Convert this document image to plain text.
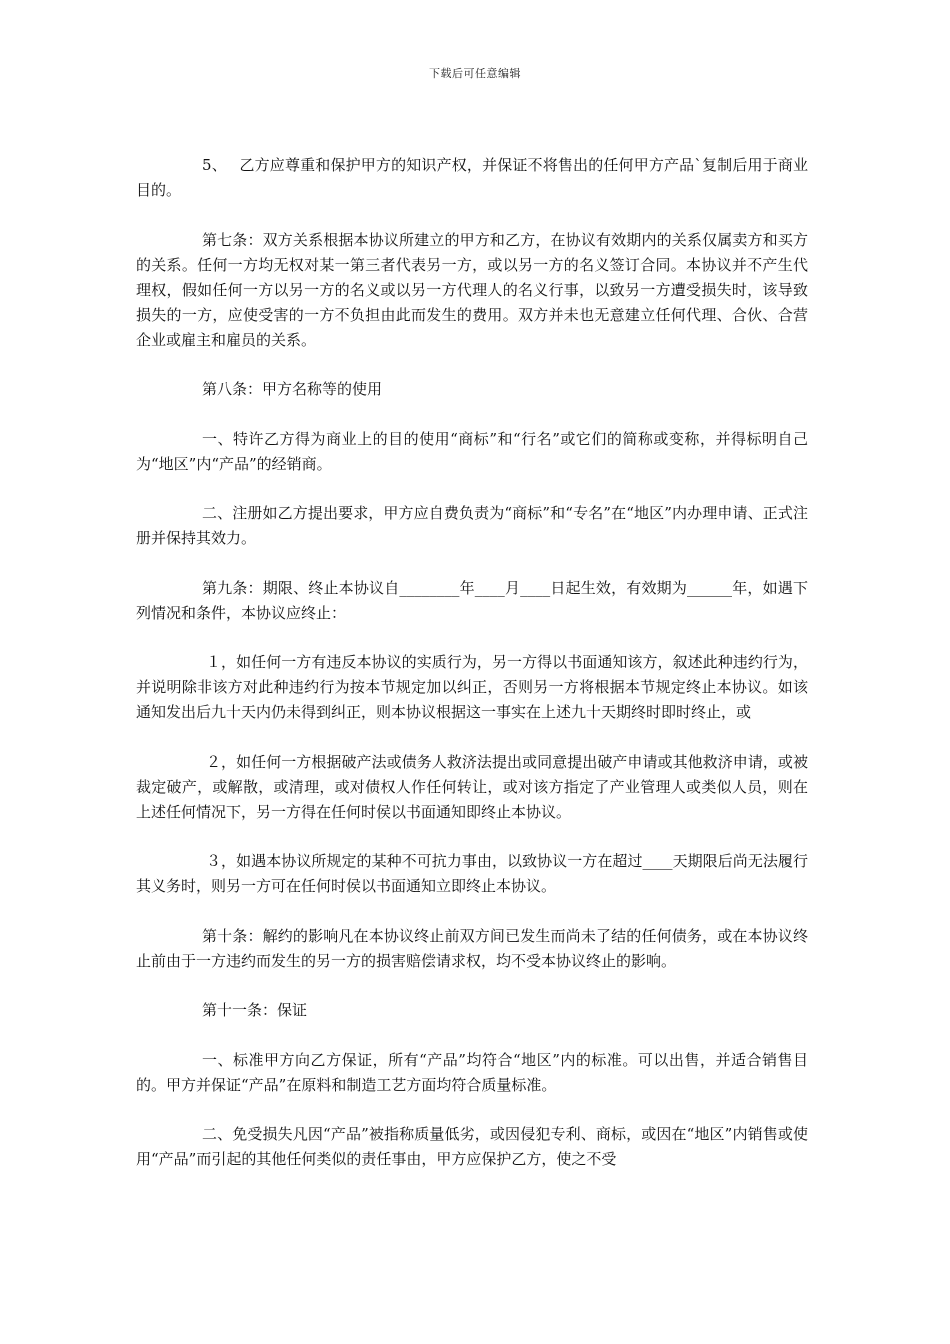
下载后可任意编辑

5、　 乙方应尊重和保护甲方的知识产权，并保证不将售出的任何甲方产品`复制后用于商业目的。

第七条：双方关系根据本协议所建立的甲方和乙方，在协议有效期内的关系仅属卖方和买方的关系。任何一方均无权对某一第三者代表另一方，或以另一方的名义签订合同。本协议并不产生代理权，假如任何一方以另一方的名义或以另一方代理人的名义行事，以致另一方遭受损失时，该导致损失的一方，应使受害的一方不负担由此而发生的费用。双方并未也无意建立任何代理、合伙、合营企业或雇主和雇员的关系。

第八条：甲方名称等的使用

一、特许乙方得为商业上的目的使用“商标”和“行名”或它们的简称或变称，并得标明自己为“地区”内“产品”的经销商。

二、注册如乙方提出要求，甲方应自费负责为“商标”和“专名”在“地区”内办理申请、正式注册并保持其效力。

第九条：期限、终止本协议自________年____月____日起生效，有效期为______年，如遇下列情况和条件，本协议应终止：

１，如任何一方有违反本协议的实质行为，另一方得以书面通知该方，叙述此种违约行为，并说明除非该方对此种违约行为按本节规定加以纠正，否则另一方将根据本节规定终止本协议。如该通知发出后九十天内仍未得到纠正，则本协议根据这一事实在上述九十天期终时即时终止，或

２，如任何一方根据破产法或债务人救济法提出或同意提出破产申请或其他救济申请，或被裁定破产，或解散，或清理，或对债权人作任何转让，或对该方指定了产业管理人或类似人员，则在上述任何情况下，另一方得在任何时侯以书面通知即终止本协议。

３，如遇本协议所规定的某种不可抗力事由，以致协议一方在超过____天期限后尚无法履行其义务时，则另一方可在任何时侯以书面通知立即终止本协议。

第十条：解约的影响凡在本协议终止前双方间已发生而尚未了结的任何债务，或在本协议终止前由于一方违约而发生的另一方的损害赔偿请求权，均不受本协议终止的影响。

第十一条：保证

一、标准甲方向乙方保证，所有“产品”均符合“地区”内的标准。可以出售，并适合销售目的。甲方并保证“产品”在原料和制造工艺方面均符合质量标准。

二、免受损失凡因“产品”被指称质量低劣，或因侵犯专利、商标，或因在“地区”内销售或使用“产品”而引起的其他任何类似的责任事由，甲方应保护乙方，使之不受
